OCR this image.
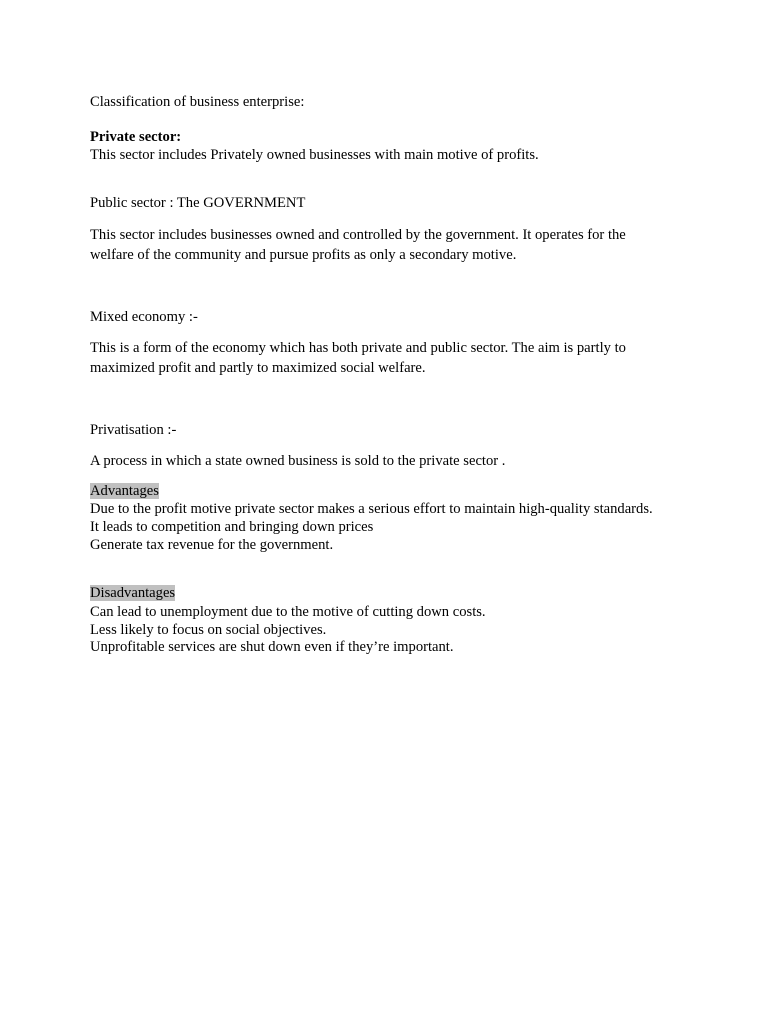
Classification of business enterprise:
Private sector:
This sector includes Privately owned businesses with main motive of profits.
Public sector : The GOVERNMENT
This sector includes businesses owned and controlled by the government. It operates for the
welfare of the community and pursue profits as only a secondary motive.
Mixed economy :-
This is a form of the economy which has both private and public sector. The aim is partly to
maximized profit and partly to maximized social welfare.
Privatisation :-
A process in which a state owned business is sold to the private sector .
Advantages
Due to the profit motive private sector makes a serious effort to maintain high-quality standards.
It leads to competition and bringing down prices
Generate tax revenue for the government.
Disadvantages
Can lead to unemployment due to the motive of cutting down costs.
Less likely to focus on social objectives.
Unprofitable services are shut down even if they’re important.
